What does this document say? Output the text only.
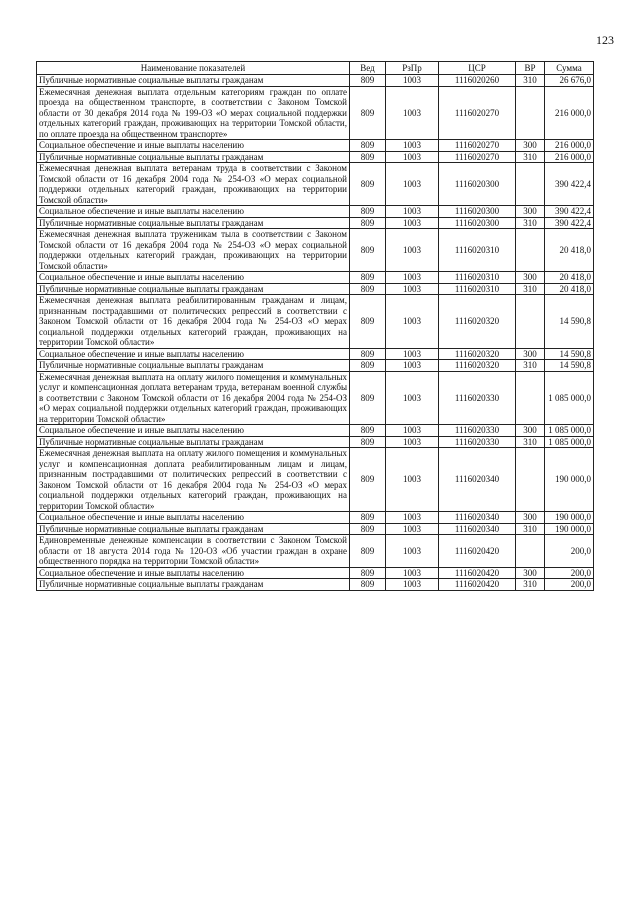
123
Наименование показателей	Вед	РзПр	ЦСР	ВР	Сумма
Публичные нормативные социальные выплаты гражданам	809	1003	1116020260	310	26 676,0
Ежемесячная денежная выплата отдельным категориям граждан по оплате проезда на общественном транспорте, в соответствии с Законом Томской области от 30 декабря 2014 года № 199-ОЗ «О мерах социальной поддержки отдельных категорий граждан, проживающих на территории Томской области, по оплате проезда на общественном транспорте»	809	1003	1116020270		216 000,0
Социальное обеспечение и иные выплаты населению	809	1003	1116020270	300	216 000,0
Публичные нормативные социальные выплаты гражданам	809	1003	1116020270	310	216 000,0
Ежемесячная денежная выплата ветеранам труда в соответствии с Законом Томской области от 16 декабря 2004 года № 254-ОЗ «О мерах социальной поддержки отдельных категорий граждан, проживающих на территории Томской области»	809	1003	1116020300		390 422,4
Социальное обеспечение и иные выплаты населению	809	1003	1116020300	300	390 422,4
Публичные нормативные социальные выплаты гражданам	809	1003	1116020300	310	390 422,4
Ежемесячная денежная выплата труженикам тыла в соответствии с Законом Томской области от 16 декабря 2004 года № 254-ОЗ «О мерах социальной поддержки отдельных категорий граждан, проживающих на территории Томской области»	809	1003	1116020310		20 418,0
Социальное обеспечение и иные выплаты населению	809	1003	1116020310	300	20 418,0
Публичные нормативные социальные выплаты гражданам	809	1003	1116020310	310	20 418,0
Ежемесячная денежная выплата реабилитированным гражданам и лицам, признанным пострадавшими от политических репрессий в соответствии с Законом Томской области от 16 декабря 2004 года № 254-ОЗ «О мерах социальной поддержки отдельных категорий граждан, проживающих на территории Томской области»	809	1003	1116020320		14 590,8
Социальное обеспечение и иные выплаты населению	809	1003	1116020320	300	14 590,8
Публичные нормативные социальные выплаты гражданам	809	1003	1116020320	310	14 590,8
Ежемесячная денежная выплата на оплату жилого помещения и коммунальных услуг и компенсационная доплата ветеранам труда, ветеранам военной службы в соответствии с Законом Томской области от 16 декабря 2004 года № 254-ОЗ «О мерах социальной поддержки отдельных категорий граждан, проживающих на территории Томской области»	809	1003	1116020330		1 085 000,0
Социальное обеспечение и иные выплаты населению	809	1003	1116020330	300	1 085 000,0
Публичные нормативные социальные выплаты гражданам	809	1003	1116020330	310	1 085 000,0
Ежемесячная денежная выплата на оплату жилого помещения и коммунальных услуг и компенсационная доплата реабилитированным лицам и лицам, признанным пострадавшими от политических репрессий в соответствии с Законом Томской области от 16 декабря 2004 года № 254-ОЗ «О мерах социальной поддержки отдельных категорий граждан, проживающих на территории Томской области»	809	1003	1116020340		190 000,0
Социальное обеспечение и иные выплаты населению	809	1003	1116020340	300	190 000,0
Публичные нормативные социальные выплаты гражданам	809	1003	1116020340	310	190 000,0
Единовременные денежные компенсации в соответствии с Законом Томской области от 18 августа 2014 года № 120-ОЗ «Об участии граждан в охране общественного порядка на территории Томской области»	809	1003	1116020420		200,0
Социальное обеспечение и иные выплаты населению	809	1003	1116020420	300	200,0
Публичные нормативные социальные выплаты гражданам	809	1003	1116020420	310	200,0
